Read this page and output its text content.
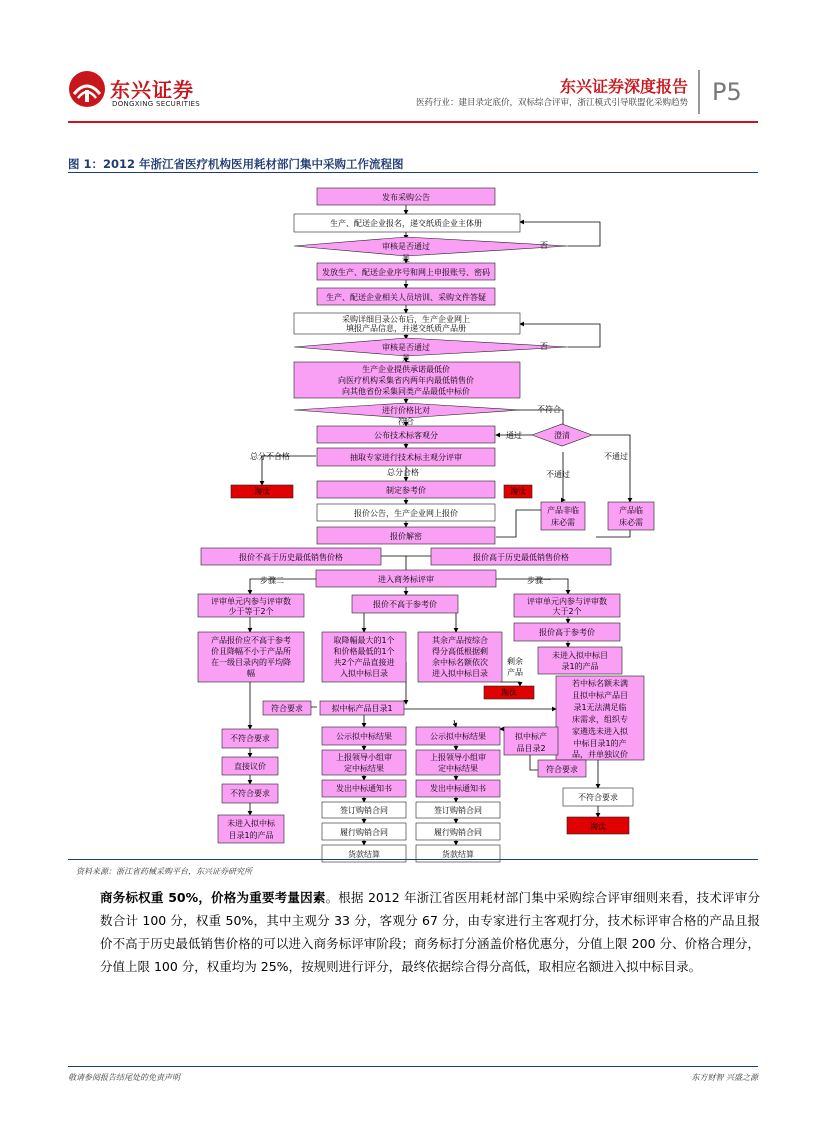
东兴证券
DONGXING SECURITIES
东兴证券深度报告
医药行业：建目录定底价，双标综合评审，浙江模式引导联盟化采购趋势 P5
图 1：2012 年浙江省医疗机构医用耗材部门集中采购工作流程图
发布采购公告
生产、配送企业报名，递交纸质企业主体册
审核是否通过
发放生产、配送企业序号和网上申报账号、密码
生产、配送企业相关人员培训、采购文件答疑
采购详细目录公布后，生产企业网上
填报产品信息，并递交纸质产品册
审核是否通过
生产企业提供承诺最低价
向医疗机构采集省内两年内最低销售价
向其他省份采集同类产品最低中标价
进行价格比对
澄清
公布技术标客观分
抽取专家进行技术标主观分评审
制定参考价
报价公告，生产企业网上报价
报价解密
报价不高于历史最低销售价格	报价高于历史最低销售价格
进入商务标评审
评审单元内参与评审数
少于等于2个
评审单元内参与评审数
大于2个
报价不高于参考价
报价高于参考价
产品报价应不高于参考
价且降幅不小于产品所
在一级目录内的平均降
幅
取降幅最大的1个
和价格最低的1个
共2个产品直接进
入拟中标目录
其余产品按综合
得分高低根据剩
余中标名额依次
进入拟中标目录
未进入拟中标目
录1的产品
若中标名额未满
且拟中标产品目
录1无法满足临
床需求，组织专
家遴选未进入拟
中标目录1的产
品，并单独议价
拟中标产品目录1
拟中标产
品目录2
符合要求
不符合要求
直接议价
不符合要求
未进入拟中标
目录1的产品
公示拟中标结果	公示拟中标结果
上报领导小组审
定中标结果
上报领导小组审
定中标结果
发出中标通知书	发出中标通知书
签订购销合同	签订购销合同
履行购销合同	履行购销合同
货款结算	货款结算
产品非临
床必需
产品临
床必需
符合要求
不符合要求
淘汰	淘汰
淘汰
淘汰
否
是
否
是
不符合
符合
通过
不通过
不通过
总分不合格
总分合格
步骤二	步骤一
剩余
产品
资料来源：浙江省药械采购平台，东兴证券研究所
商务标权重 50%，价格为重要考量因素。根据 2012 年浙江省医用耗材部门集中采购综合评审细则来看，技术评审分数合计 100 分，权重 50%，其中主观分 33 分，客观分 67 分，由专家进行主客观打分，技术标评审合格的产品且报价不高于历史最低销售价格的可以进入商务标评审阶段；商务标打分涵盖价格优惠分，分值上限 200 分、价格合理分，分值上限 100 分，权重均为 25%，按规则进行评分，最终依据综合得分高低，取相应名额进入拟中标目录。
敬请参阅报告结尾处的免责声明	东方财智 兴盛之源
